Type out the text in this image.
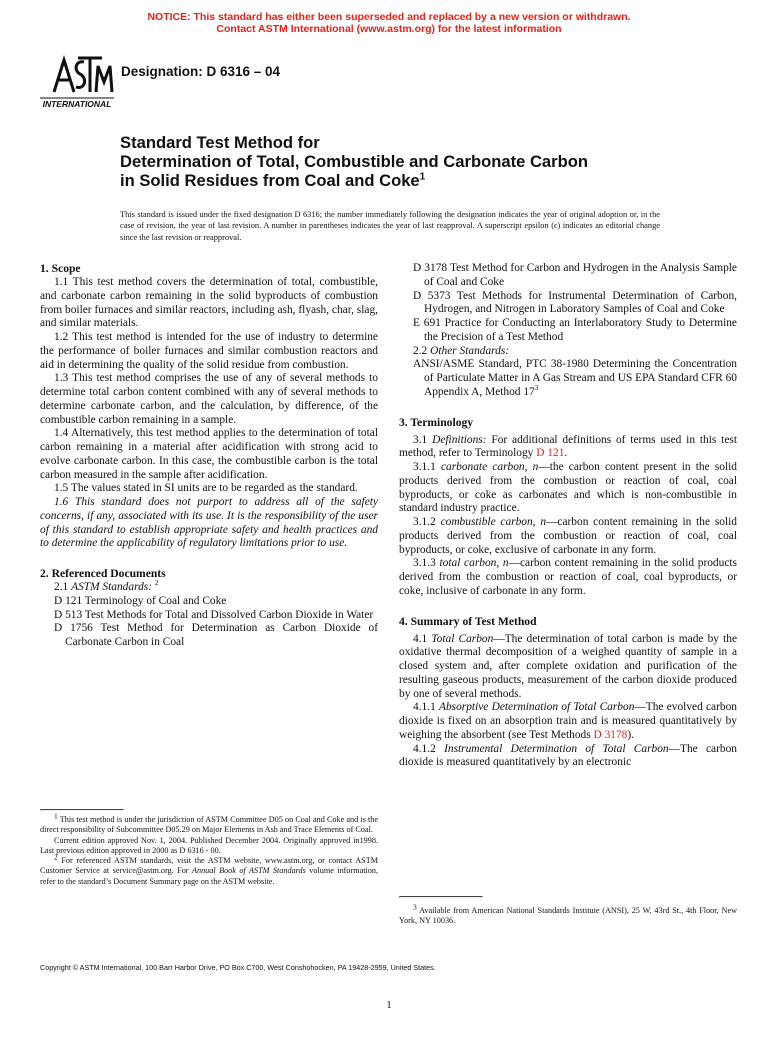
NOTICE: This standard has either been superseded and replaced by a new version or withdrawn.
Contact ASTM International (www.astm.org) for the latest information
INTERNATIONAL
Designation: D 6316 – 04
Standard Test Method for
Determination of Total, Combustible and Carbonate Carbon
in Solid Residues from Coal and Coke$^1$
This standard is issued under the fixed designation D 6316; the number immediately following the designation indicates the year of original adoption or, in the case of revision, the year of last revision. A number in parentheses indicates the year of last reapproval. A superscript epsilon (ϵ) indicates an editorial change since the last revision or reapproval.
1. Scope

1.1 This test method covers the determination of total, combustible, and carbonate carbon remaining in the solid byproducts of combustion from boiler furnaces and similar reactors, including ash, flyash, char, slag, and similar materials.

1.2 This test method is intended for the use of industry to determine the performance of boiler furnaces and similar combustion reactors and aid in determining the quality of the solid residue from combustion.

1.3 This test method comprises the use of any of several methods to determine total carbon content combined with any of several methods to determine carbonate carbon, and the calculation, by difference, of the combustible carbon remaining in a sample.

1.4 Alternatively, this test method applies to the determination of total carbon remaining in a material after acidification with strong acid to evolve carbonate carbon. In this case, the combustible carbon is the total carbon measured in the sample after acidification.

1.5 The values stated in SI units are to be regarded as the standard.

1.6 This standard does not purport to address all of the safety concerns, if any, associated with its use. It is the responsibility of the user of this standard to establish appropriate safety and health practices and to determine the applicability of regulatory limitations prior to use.

2. Referenced Documents

2.1 ASTM Standards: $^2$

D 121 Terminology of Coal and Coke

D 513 Test Methods for Total and Dissolved Carbon Dioxide in Water

D 1756 Test Method for Determination as Carbon Dioxide of Carbonate Carbon in Coal

$^1$ This test method is under the jurisdiction of ASTM Committee D05 on Coal and Coke and is the direct responsibility of Subcommittee D05.29 on Major Elements in Ash and Trace Elements of Coal.

Current edition approved Nov. 1, 2004. Published December 2004. Originally approved in1998. Last previous edition approved in 2000 as D 6316 - 00.

$^2$ For referenced ASTM standards, visit the ASTM website, www.astm.org, or contact ASTM Customer Service at service@astm.org. For Annual Book of ASTM Standards volume information, refer to the standard’s Document Summary page on the ASTM website.

D 3178 Test Method for Carbon and Hydrogen in the Analysis Sample of Coal and Coke

D 5373 Test Methods for Instrumental Determination of Carbon, Hydrogen, and Nitrogen in Laboratory Samples of Coal and Coke

E 691 Practice for Conducting an Interlaboratory Study to Determine the Precision of a Test Method

2.2 Other Standards:

ANSI/ASME Standard, PTC 38-1980 Determining the Concentration of Particulate Matter in A Gas Stream and US EPA Standard CFR 60 Appendix A, Method $17^3$

3. Terminology

3.1 Definitions: For additional definitions of terms used in this test method, refer to Terminology D 121.

3.1.1 carbonate carbon, n—the carbon content present in the solid products derived from the combustion or reaction of coal, coal byproducts, or coke as carbonates and which is non-combustible in standard industry practice.

3.1.2 combustible carbon, n—carbon content remaining in the solid products derived from the combustion or reaction of coal, coal byproducts, or coke, exclusive of carbonate in any form.

3.1.3 total carbon, n—carbon content remaining in the solid products derived from the combustion or reaction of coal, coal byproducts, or coke, inclusive of carbonate in any form.

4. Summary of Test Method

4.1 Total Carbon—The determination of total carbon is made by the oxidative thermal decomposition of a weighed quantity of sample in a closed system and, after complete oxidation and purification of the resulting gaseous products, measurement of the carbon dioxide produced by one of several methods.

4.1.1 Absorptive Determination of Total Carbon—The evolved carbon dioxide is fixed on an absorption train and is measured quantitatively by weighing the absorbent (see Test Methods D 3178).

4.1.2 Instrumental Determination of Total Carbon—The carbon dioxide is measured quantitatively by an electronic

$^3$ Available from American National Standards Institute (ANSI), 25 W. 43rd St., 4th Floor, New York, NY 10036.

Copyright © ASTM International, 100 Barr Harbor Drive, PO Box C700, West Conshohocken, PA 19428-2959, United States.
1
